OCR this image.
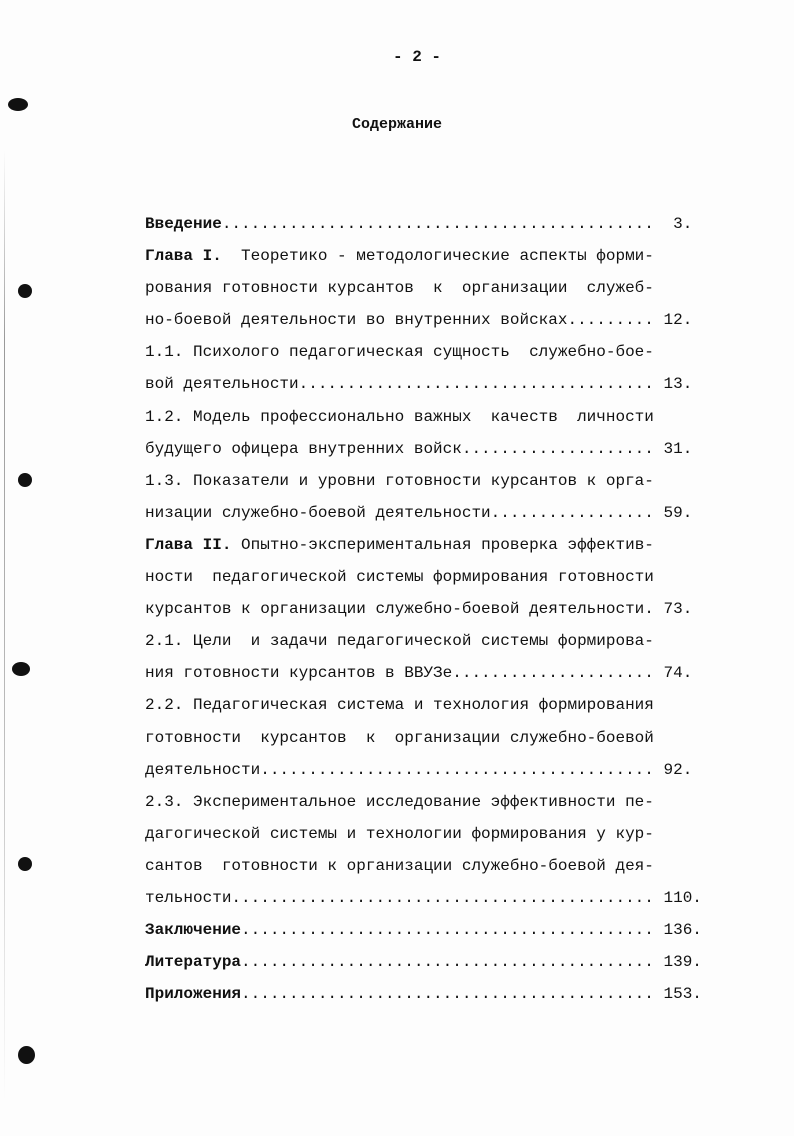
- 2 -
Содержание
Введение.............................................  3.
Глава I.  Теоретико - методологические аспекты форми-
рования готовности курсантов  к  организации  служеб-
но-боевой деятельности во внутренних войсках......... 12.
1.1. Психолого педагогическая сущность  служебно-бое-
вой деятельности..................................... 13.
1.2. Модель профессионально важных  качеств  личности
будущего офицера внутренних войск.................... 31.
1.3. Показатели и уровни готовности курсантов к орга-
низации служебно-боевой деятельности................. 59.
Глава II. Опытно-экспериментальная проверка эффектив-
ности  педагогической системы формирования готовности
курсантов к организации служебно-боевой деятельности. 73.
2.1. Цели  и задачи педагогической системы формирова-
ния готовности курсантов в ВВУЗе..................... 74.
2.2. Педагогическая система и технология формирования
готовности  курсантов  к  организации служебно-боевой
деятельности......................................... 92.
2.3. Экспериментальное исследование эффективности пе-
дагогической системы и технологии формирования у кур-
сантов  готовности к организации служебно-боевой дея-
тельности............................................ 110.
Заключение........................................... 136.
Литература........................................... 139.
Приложения........................................... 153.
